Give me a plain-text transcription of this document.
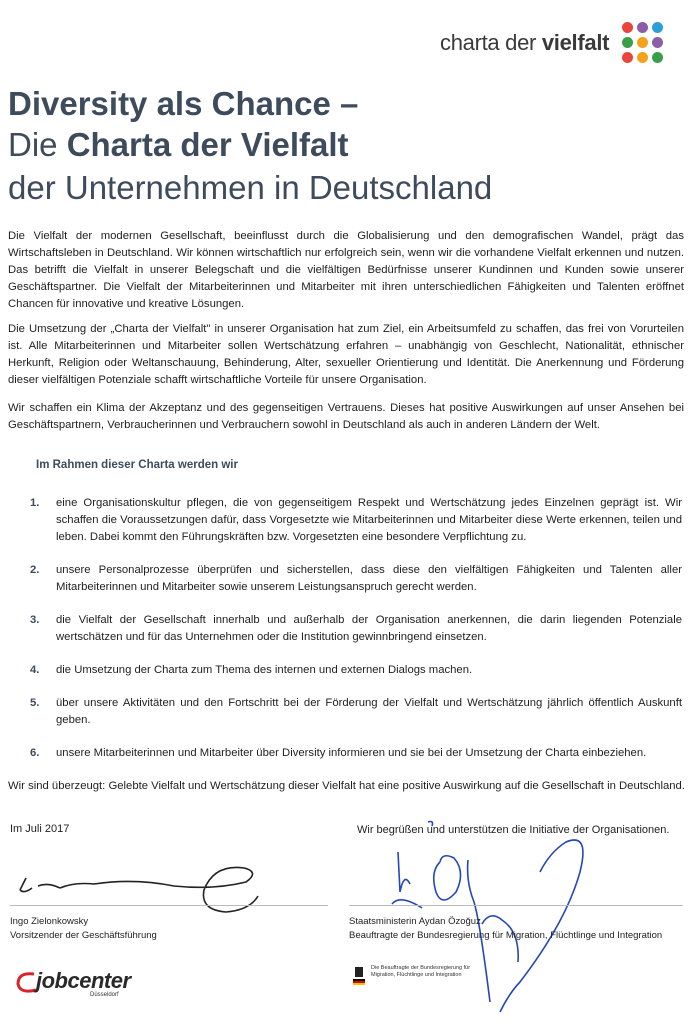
charta der vielfalt
Diversity als Chance –
Die Charta der Vielfalt
der Unternehmen in Deutschland
Die Vielfalt der modernen Gesellschaft, beeinflusst durch die Globalisierung und den demografischen Wandel, prägt das Wirtschaftsleben in Deutschland. Wir können wirtschaftlich nur erfolgreich sein, wenn wir die vorhandene Vielfalt erkennen und nutzen. Das betrifft die Vielfalt in unserer Belegschaft und die vielfältigen Bedürfnisse unserer Kundinnen und Kunden sowie unserer Geschäftspartner. Die Vielfalt der Mitarbeiterinnen und Mitarbeiter mit ihren unterschiedlichen Fähigkeiten und Talenten eröffnet Chancen für innovative und kreative Lösungen.
Die Umsetzung der „Charta der Vielfalt" in unserer Organisation hat zum Ziel, ein Arbeitsumfeld zu schaffen, das frei von Vorurteilen ist. Alle Mitarbeiterinnen und Mitarbeiter sollen Wertschätzung erfahren – unabhängig von Geschlecht, Nationalität, ethnischer Herkunft, Religion oder Weltanschauung, Behinderung, Alter, sexueller Orientierung und Identität. Die Anerkennung und Förderung dieser vielfältigen Potenziale schafft wirtschaftliche Vorteile für unsere Organisation.
Wir schaffen ein Klima der Akzeptanz und des gegenseitigen Vertrauens. Dieses hat positive Auswirkungen auf unser Ansehen bei Geschäftspartnern, Verbraucherinnen und Verbrauchern sowohl in Deutschland als auch in anderen Ländern der Welt.
Im Rahmen dieser Charta werden wir
1.	eine Organisationskultur pflegen, die von gegenseitigem Respekt und Wertschätzung jedes Einzelnen geprägt ist. Wir schaffen die Voraussetzungen dafür, dass Vorgesetzte wie Mitarbeiterinnen und Mitarbeiter diese Werte erkennen, teilen und leben. Dabei kommt den Führungskräften bzw. Vorgesetzten eine besondere Verpflichtung zu.
2.	unsere Personalprozesse überprüfen und sicherstellen, dass diese den vielfältigen Fähigkeiten und Talenten aller Mitarbeiterinnen und Mitarbeiter sowie unserem Leistungsanspruch gerecht werden.
3.	die Vielfalt der Gesellschaft innerhalb und außerhalb der Organisation anerkennen, die darin liegenden Potenziale wertschätzen und für das Unternehmen oder die Institution gewinnbringend einsetzen.
4.	die Umsetzung der Charta zum Thema des internen und externen Dialogs machen.
5.	über unsere Aktivitäten und den Fortschritt bei der Förderung der Vielfalt und Wertschätzung jährlich öffentlich Auskunft geben.
6.	unsere Mitarbeiterinnen und Mitarbeiter über Diversity informieren und sie bei der Umsetzung der Charta einbeziehen.
Wir sind überzeugt: Gelebte Vielfalt und Wertschätzung dieser Vielfalt hat eine positive Auswirkung auf die Gesellschaft in Deutschland.
Im Juli 2017	Wir begrüßen und unterstützen die Initiative der Organisationen.
Ingo Zielonkowsky
Vorsitzender der Geschäftsführung
Staatsministerin Aydan Özoğuz
Beauftragte der Bundesregierung für Migration, Flüchtlinge und Integration
jobcenter
Düsseldorf
Die Beauftragte der Bundesregierung für Migration, Flüchtlinge und Integration
